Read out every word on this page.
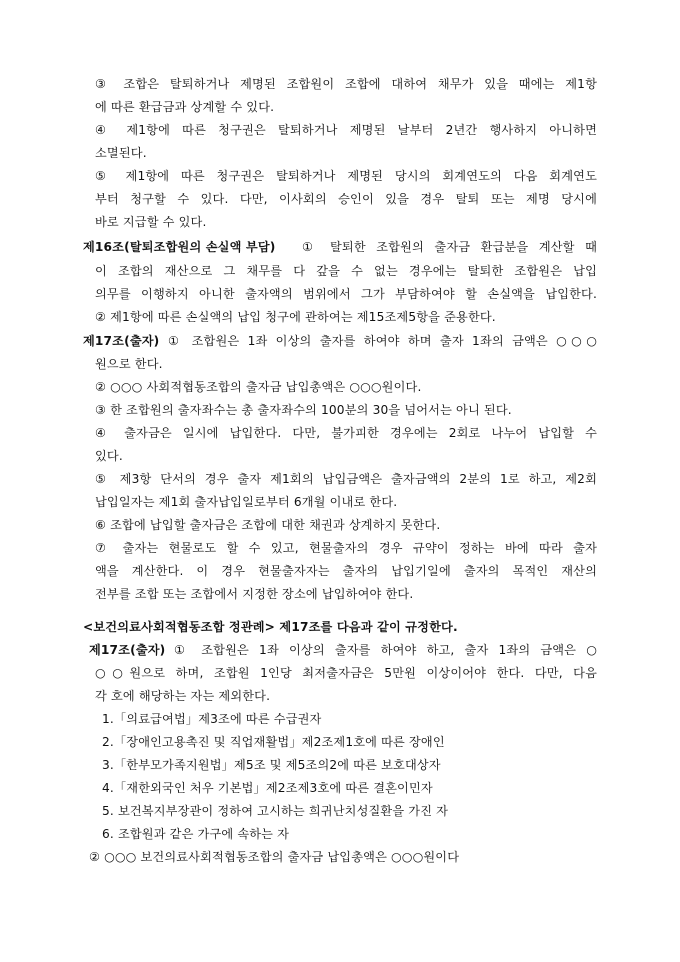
③ 조합은 탈퇴하거나 제명된 조합원이 조합에 대하여 채무가 있을 때에는 제1항
에 따른 환급금과 상계할 수 있다.
④ 제1항에 따른 청구권은 탈퇴하거나 제명된 날부터 2년간 행사하지 아니하면
소멸된다.
⑤ 제1항에 따른 청구권은 탈퇴하거나 제명된 당시의 회계연도의 다음 회계연도
부터 청구할 수 있다. 다만, 이사회의 승인이 있을 경우 탈퇴 또는 제명 당시에
바로 지급할 수 있다.
제16조(탈퇴조합원의 손실액 부담) ① 탈퇴한 조합원의 출자금 환급분을 계산할 때
이 조합의 재산으로 그 채무를 다 갚을 수 없는 경우에는 탈퇴한 조합원은 납입
의무를 이행하지 아니한 출자액의 범위에서 그가 부담하여야 할 손실액을 납입한다.
② 제1항에 따른 손실액의 납입 청구에 관하여는 제15조제5항을 준용한다.
제17조(출자) ① 조합원은 1좌 이상의 출자를 하여야 하며 출자 1좌의 금액은 ○○○
원으로 한다.
② ○○○ 사회적협동조합의 출자금 납입총액은 ○○○원이다.
③ 한 조합원의 출자좌수는 총 출자좌수의 100분의 30을 넘어서는 아니 된다.
④ 출자금은 일시에 납입한다. 다만, 불가피한 경우에는 2회로 나누어 납입할 수
있다.
⑤ 제3항 단서의 경우 출자 제1회의 납입금액은 출자금액의 2분의 1로 하고, 제2회
납입일자는 제1회 출자납입일로부터 6개월 이내로 한다.
⑥ 조합에 납입할 출자금은 조합에 대한 채권과 상계하지 못한다.
⑦ 출자는 현물로도 할 수 있고, 현물출자의 경우 규약이 정하는 바에 따라 출자
액을 계산한다. 이 경우 현물출자자는 출자의 납입기일에 출자의 목적인 재산의
전부를 조합 또는 조합에서 지정한 장소에 납입하여야 한다.
<보건의료사회적협동조합 정관례> 제17조를 다음과 같이 규정한다.
제17조(출자) ① 조합원은 1좌 이상의 출자를 하여야 하고, 출자 1좌의 금액은 ○
○○원으로 하며, 조합원 1인당 최저출자금은 5만원 이상이어야 한다. 다만, 다음
각 호에 해당하는 자는 제외한다.
1.「의료급여법」제3조에 따른 수급권자
2.「장애인고용촉진 및 직업재활법」제2조제1호에 따른 장애인
3.「한부모가족지원법」제5조 및 제5조의2에 따른 보호대상자
4.「재한외국인 처우 기본법」제2조제3호에 따른 결혼이민자
5. 보건복지부장관이 정하여 고시하는 희귀난치성질환을 가진 자
6. 조합원과 같은 가구에 속하는 자
② ○○○ 보건의료사회적협동조합의 출자금 납입총액은 ○○○원이다
